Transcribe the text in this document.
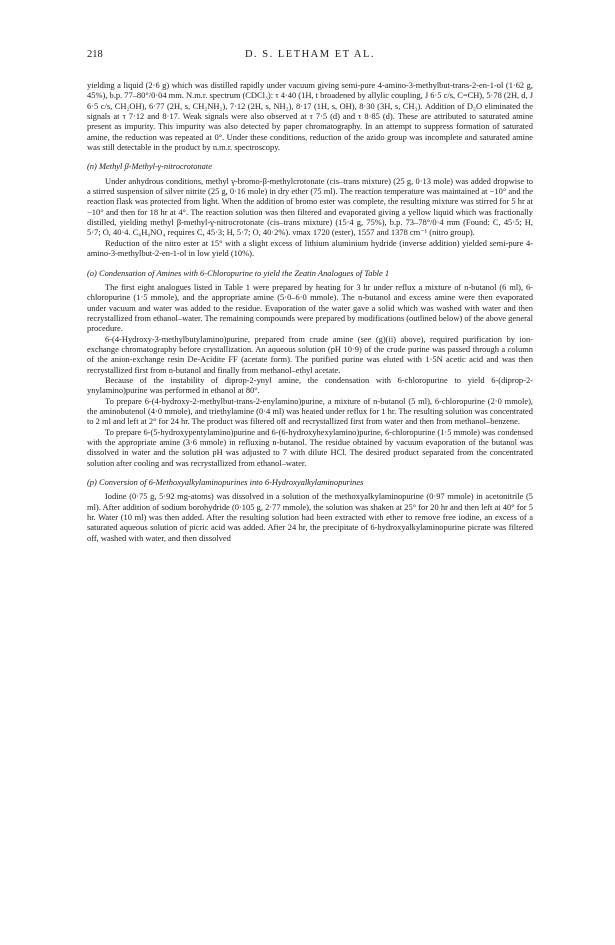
218	D. S. LETHAM ET AL.

yielding a liquid (2·6 g) which was distilled rapidly under vacuum giving semi-pure 4-amino-3-methylbut-trans-2-en-1-ol (1·62 g, 45%), b.p. 77–80°/0·04 mm. N.m.r. spectrum (CDCl₃): τ 4·40 (1H, t broadened by allylic coupling, J 6·5 c/s, C=CH), 5·78 (2H, d, J 6·5 c/s, CH₂OH), 6·77 (2H, s, CH₂NH₂), 7·12 (2H, s, NH₂), 8·17 (1H, s, OH), 8·30 (3H, s, CH₃). Addition of D₂O eliminated the signals at τ 7·12 and 8·17. Weak signals were also observed at τ 7·5 (d) and τ 8·85 (d). These are attributed to saturated amine present as impurity. This impurity was also detected by paper chromatography. In an attempt to suppress formation of saturated amine, the reduction was repeated at 0°. Under these conditions, reduction of the azido group was incomplete and saturated amine was still detectable in the product by n.m.r. spectroscopy.

(n) Methyl β-Methyl-γ-nitrocrotonate

Under anhydrous conditions, methyl γ-bromo-β-methylcrotonate (cis–trans mixture) (25 g, 0·13 mole) was added dropwise to a stirred suspension of silver nitrite (25 g, 0·16 mole) in dry ether (75 ml). The reaction temperature was maintained at −10° and the reaction flask was protected from light. When the addition of bromo ester was complete, the resulting mixture was stirred for 5 hr at −10° and then for 18 hr at 4°. The reaction solution was then filtered and evaporated giving a yellow liquid which was fractionally distilled, yielding methyl β-methyl-γ-nitrocrotonate (cis–trans mixture) (15·4 g, 75%), b.p. 73–78°/0·4 mm (Found: C, 45·5; H, 5·7; O, 40·4. C₆H₉NO₄ requires C, 45·3; H, 5·7; O, 40·2%). νmax 1720 (ester), 1557 and 1378 cm⁻¹ (nitro group).

Reduction of the nitro ester at 15° with a slight excess of lithium aluminium hydride (inverse addition) yielded semi-pure 4-amino-3-methylbut-2-en-1-ol in low yield (10%).

(o) Condensation of Amines with 6-Chloropurine to yield the Zeatin Analogues of Table 1

The first eight analogues listed in Table 1 were prepared by heating for 3 hr under reflux a mixture of n-butanol (6 ml), 6-chloropurine (1·5 mmole), and the appropriate amine (5·0–6·0 mmole). The n-butanol and excess amine were then evaporated under vacuum and water was added to the residue. Evaporation of the water gave a solid which was washed with water and then recrystallized from ethanol–water. The remaining compounds were prepared by modifications (outlined below) of the above general procedure.

6-(4-Hydroxy-3-methylbutylamino)purine, prepared from crude amine (see (g)(ii) above), required purification by ion-exchange chromatography before crystallization. An aqueous solution (pH 10·9) of the crude purine was passed through a column of the anion-exchange resin De-Acidite FF (acetate form). The purified purine was eluted with 1·5N acetic acid and was then recrystallized first from n-butanol and finally from methanol–ethyl acetate.

Because of the instability of diprop-2-ynyl amine, the condensation with 6-chloropurine to yield 6-(diprop-2-ynylamino)purine was performed in ethanol at 80°.

To prepare 6-(4-hydroxy-2-methylbut-trans-2-enylamino)purine, a mixture of n-butanol (5 ml), 6-chloropurine (2·0 mmole), the aminobutenol (4·0 mmole), and triethylamine (0·4 ml) was heated under reflux for 1 hr. The resulting solution was concentrated to 2 ml and left at 2° for 24 hr. The product was filtered off and recrystallized first from water and then from methanol–benzene.

To prepare 6-(5-hydroxypentylamino)purine and 6-(6-hydroxyhexylamino)purine, 6-chloropurine (1·5 mmole) was condensed with the appropriate amine (3·6 mmole) in refluxing n-butanol. The residue obtained by vacuum evaporation of the butanol was dissolved in water and the solution pH was adjusted to 7 with dilute HCl. The desired product separated from the concentrated solution after cooling and was recrystallized from ethanol–water.

(p) Conversion of 6-Methoxyalkylaminopurines into 6-Hydroxyalkylaminopurines

Iodine (0·75 g, 5·92 mg-atoms) was dissolved in a solution of the methoxyalkylaminopurine (0·97 mmole) in acetonitrile (5 ml). After addition of sodium borohydride (0·105 g, 2·77 mmole), the solution was shaken at 25° for 20 hr and then left at 40° for 5 hr. Water (10 ml) was then added. After the resulting solution had been extracted with ether to remove free iodine, an excess of a saturated aqueous solution of picric acid was added. After 24 hr, the precipitate of 6-hydroxyalkylaminopurine picrate was filtered off, washed with water, and then dissolved
